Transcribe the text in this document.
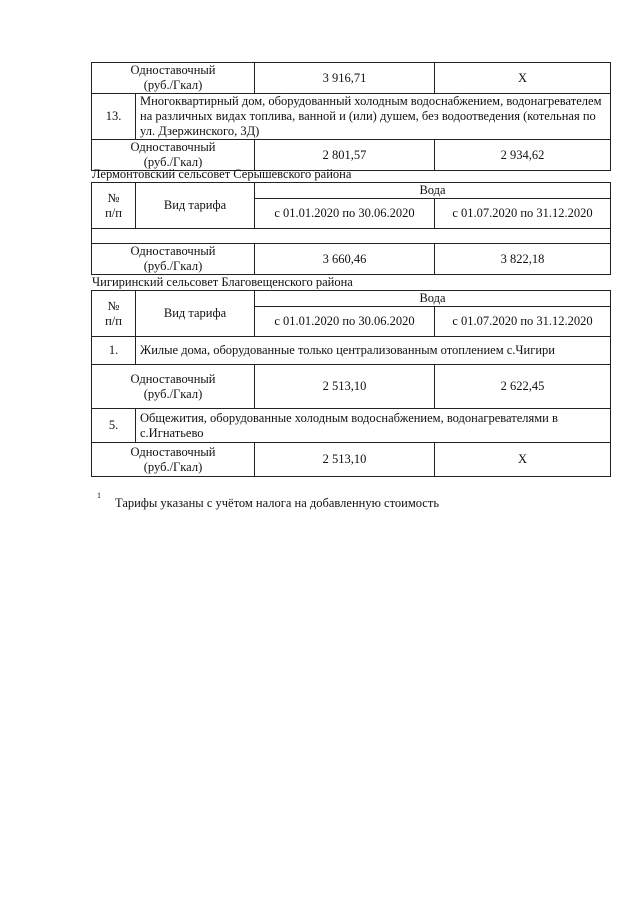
Одноставочный
(руб./Гкал)		3 916,71	Х
13.	Многоквартирный дом, оборудованный холодным водоснабжением, водонагревателем на различных видах топлива, ванной и (или) душем, без водоотведения (котельная по ул. Дзержинского, 3Д)		
Одноставочный
(руб./Гкал)		2 801,57	2 934,62
Лермонтовский сельсовет Серышевского района
№
п/п	Вид тарифа	Вода	
		с 01.01.2020 по 30.06.2020	с 01.07.2020 по 31.12.2020

Одноставочный
(руб./Гкал)		3 660,46	3 822,18
Чигиринский сельсовет Благовещенского района
№
п/п	Вид тарифа	Вода	
		с 01.01.2020 по 30.06.2020	с 01.07.2020 по 31.12.2020
1.	Жилые дома, оборудованные только централизованным отоплением с.Чигири		
Одноставочный
(руб./Гкал)		2 513,10	2 622,45
5.	Общежития, оборудованные холодным водоснабжением, водонагревателями в с.Игнатьево		
Одноставочный
(руб./Гкал)		2 513,10	Х
$^1$Тарифы указаны с учётом налога на добавленную стоимость
